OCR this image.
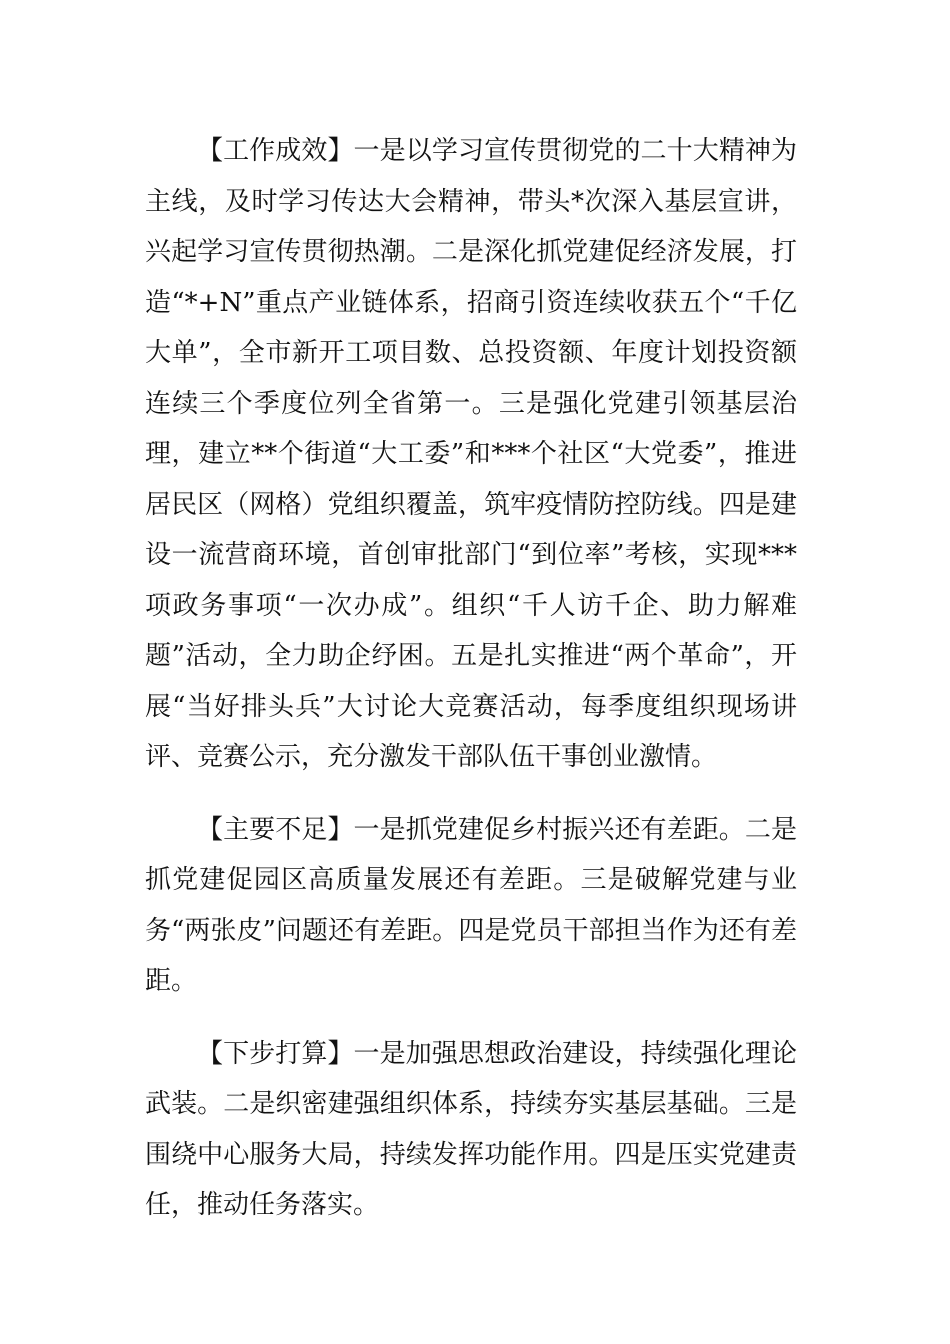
【工作成效】一是以学习宣传贯彻党的二十大精神为主线，及时学习传达大会精神，带头*次深入基层宣讲，兴起学习宣传贯彻热潮。二是深化抓党建促经济发展，打造“*+N”重点产业链体系，招商引资连续收获五个“千亿大单”，全市新开工项目数、总投资额、年度计划投资额连续三个季度位列全省第一。三是强化党建引领基层治理，建立**个街道“大工委”和***个社区“大党委”，推进居民区（网格）党组织覆盖，筑牢疫情防控防线。四是建设一流营商环境，首创审批部门“到位率”考核，实现***项政务事项“一次办成”。组织“千人访千企、助力解难题”活动，全力助企纾困。五是扎实推进“两个革命”，开展“当好排头兵”大讨论大竞赛活动，每季度组织现场讲评、竞赛公示，充分激发干部队伍干事创业激情。

【主要不足】一是抓党建促乡村振兴还有差距。二是抓党建促园区高质量发展还有差距。三是破解党建与业务“两张皮”问题还有差距。四是党员干部担当作为还有差距。

【下步打算】一是加强思想政治建设，持续强化理论武装。二是织密建强组织体系，持续夯实基层基础。三是围绕中心服务大局，持续发挥功能作用。四是压实党建责任，推动任务落实。
